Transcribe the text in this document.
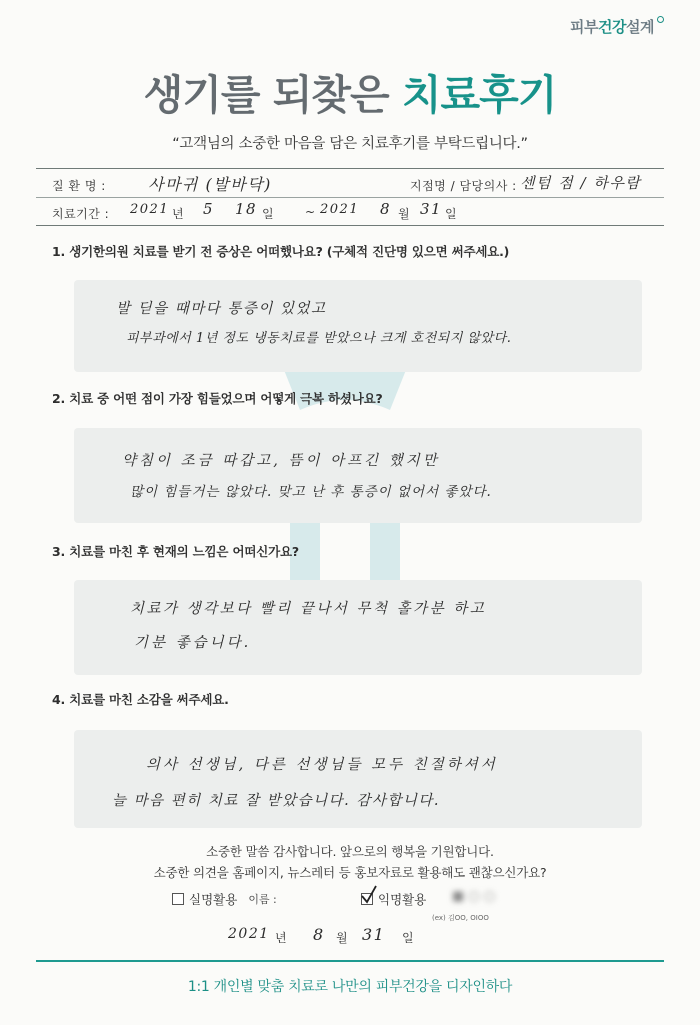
피부건강설계
생기를 되찾은 치료후기
“고객님의 소중한 마음을 담은 치료후기를 부탁드립니다.”
질 환 명 :	사마귀 (발바닥)	지점명 / 담당의사 : 센텀 점 / 하우람
치료기간 : 2021 년 5 18 일	~ 2021 8 월 31 일
1. 생기한의원 치료를 받기 전 증상은 어떠했나요? (구체적 진단명 있으면 써주세요.)
발 딛을 때마다 통증이 있었고
피부과에서 1년 정도 냉동치료를 받았으나 크게 호전되지 않았다.
2. 치료 중 어떤 점이 가장 힘들었으며 어떻게 극복 하셨나요?
약침이 조금 따갑고, 뜸이 아프긴 했지만
많이 힘들거는 않았다. 맞고 난 후 통증이 없어서 좋았다.
3. 치료를 마친 후 현재의 느낌은 어떠신가요?
치료가 생각보다 빨리 끝나서 무척 홀가분 하고
기분 좋습니다.
4. 치료를 마친 소감을 써주세요.
의사 선생님, 다른 선생님들 모두 친절하셔서
늘 마음 편히 치료 잘 받았습니다. 감사합니다.
소중한 말씀 감사합니다. 앞으로의 행복을 기원합니다.
소중한 의견을 홈페이지, 뉴스레터 등 홍보자료로 활용해도 괜찮으신가요?
실명활용 이름 :	익명활용 ■ ○ ○
(ex) 김OO, OIOO
2021 년 8 월 31 일
1:1 개인별 맞춤 치료로 나만의 피부건강을 디자인하다
